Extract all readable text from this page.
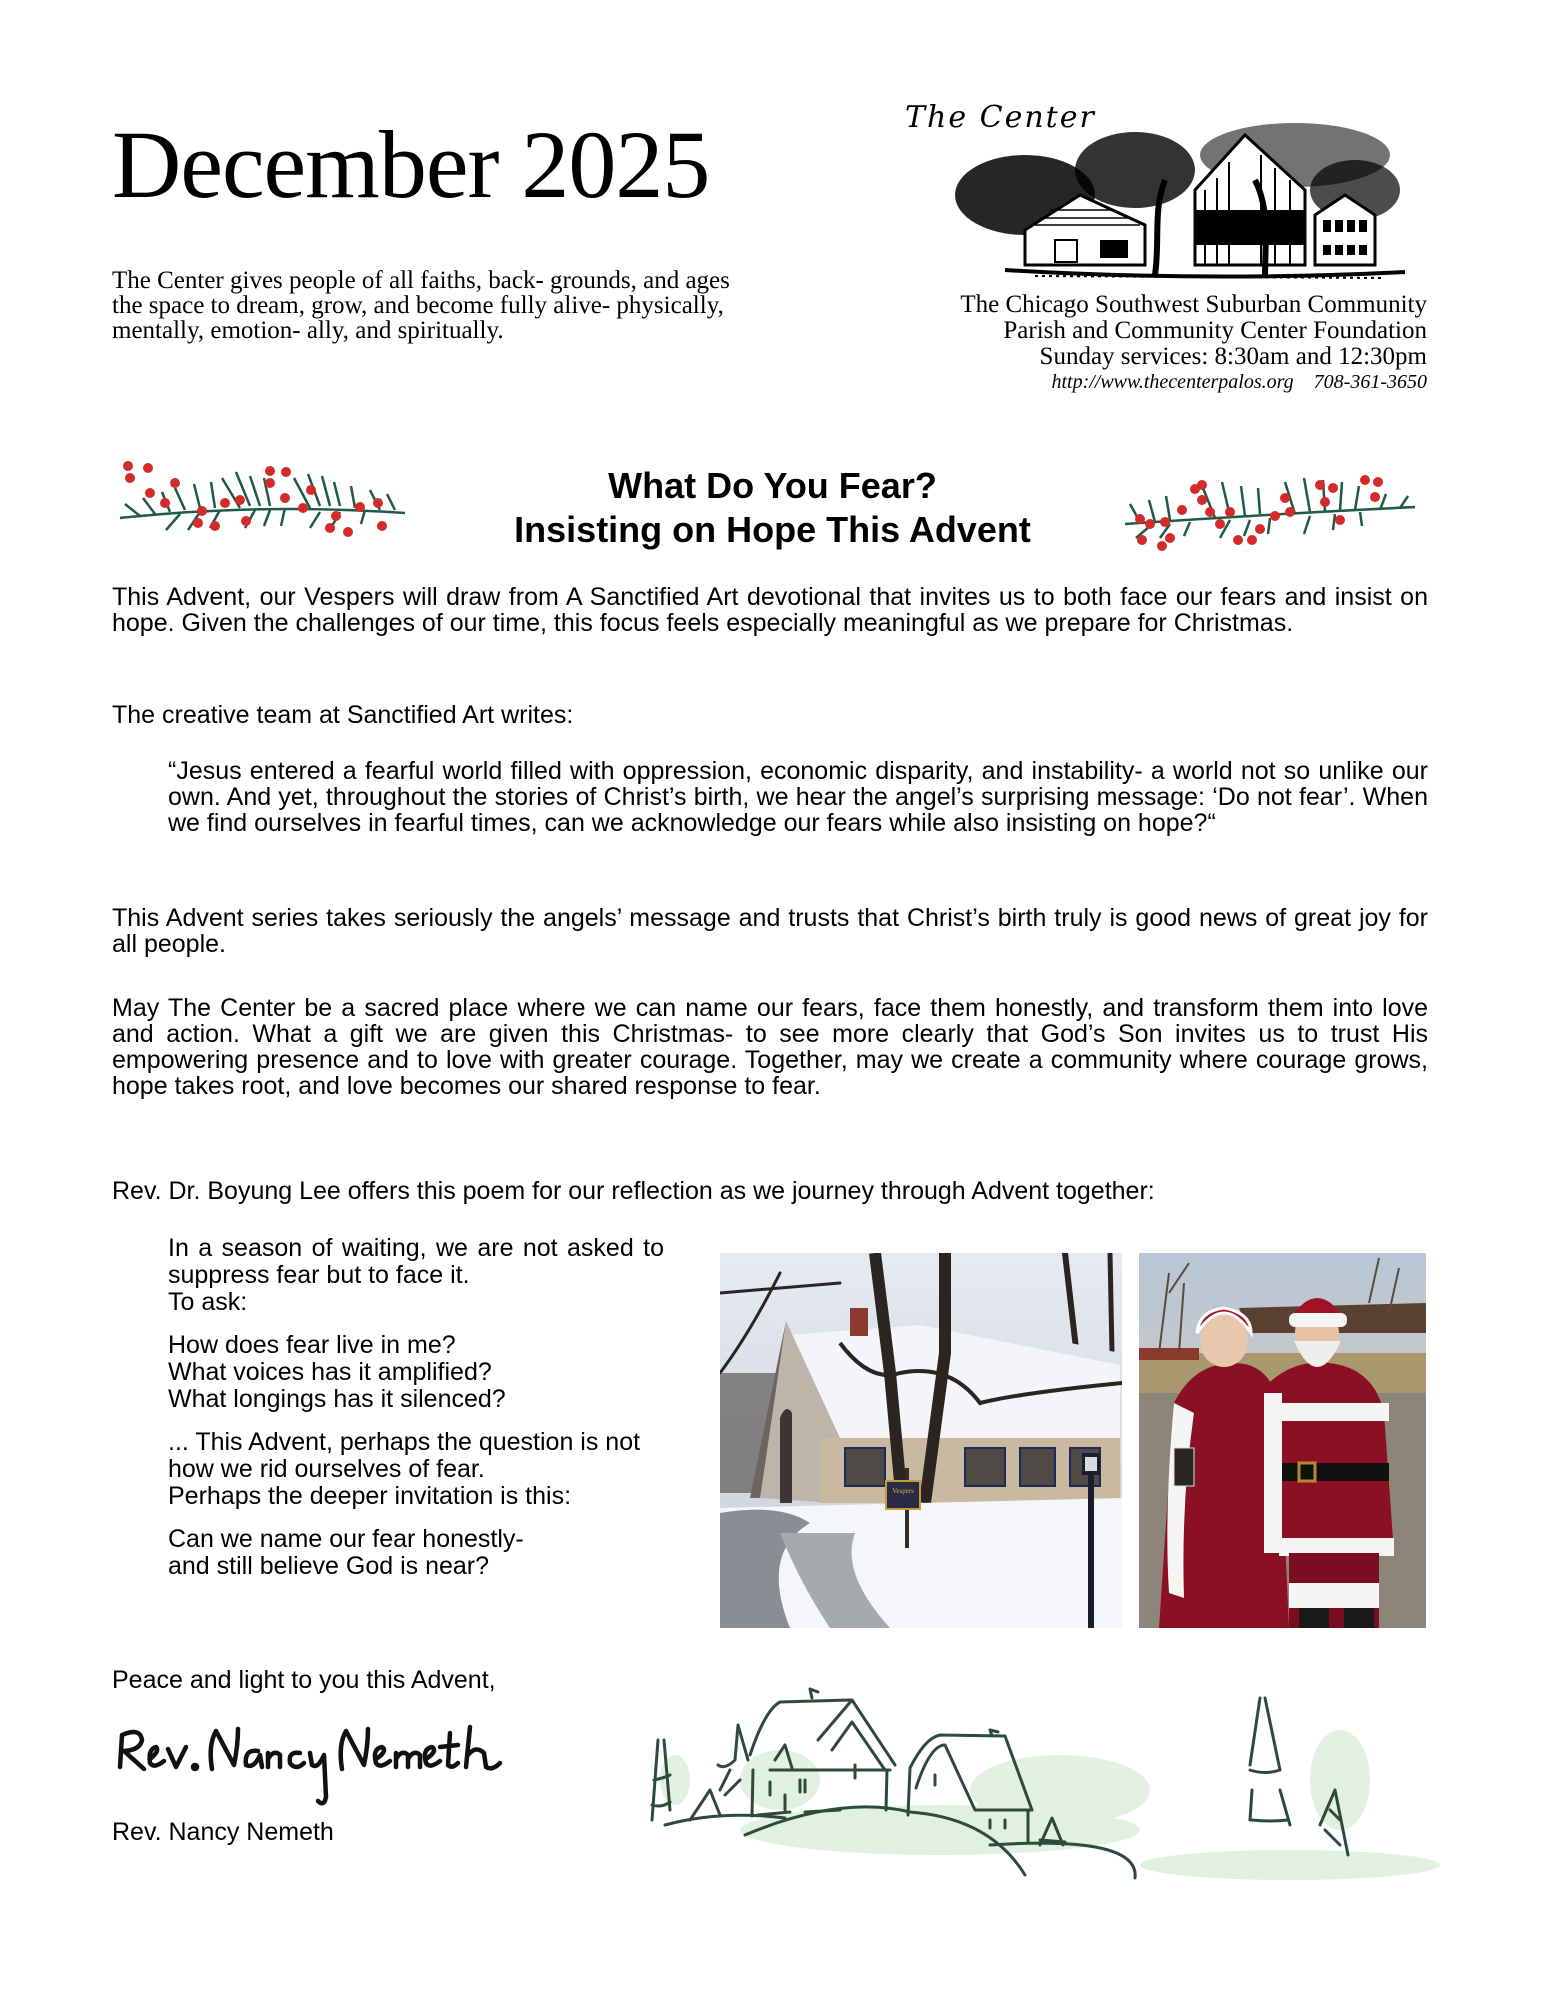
December 2025
The Center gives people of all faiths, back- grounds, and ages the space to dream, grow, and become fully alive- physically, mentally, emotion- ally, and spiritually.
The Center
The Chicago Southwest Suburban Community
Parish and Community Center Foundation
Sunday services: 8:30am and 12:30pm
http://www.thecenterpalos.org 708-361-3650
What Do You Fear?
Insisting on Hope This Advent
This Advent, our Vespers will draw from A Sanctified Art devotional that invites us to both face our fears and insist on hope. Given the challenges of our time, this focus feels especially meaningful as we prepare for Christmas.
The creative team at Sanctified Art writes:
“Jesus entered a fearful world filled with oppression, economic disparity, and instability- a world not so unlike our own. And yet, throughout the stories of Christ’s birth, we hear the angel’s surprising message: ‘Do not fear’. When we find ourselves in fearful times, can we acknowledge our fears while also insisting on hope?“
This Advent series takes seriously the angels’ message and trusts that Christ’s birth truly is good news of great joy for all people.
May The Center be a sacred place where we can name our fears, face them honestly, and transform them into love and action. What a gift we are given this Christmas- to see more clearly that God’s Son invites us to trust His empowering presence and to love with greater courage. Together, may we create a community where courage grows, hope takes root, and love becomes our shared response to fear.
Rev. Dr. Boyung Lee offers this poem for our reflection as we journey through Advent together:
In a season of waiting, we are not asked to suppress fear but to face it.
To ask:
How does fear live in me?
What voices has it amplified?
What longings has it silenced?
... This Advent, perhaps the question is not how we rid ourselves of fear.
Perhaps the deeper invitation is this:
Can we name our fear honestly-
and still believe God is near?
Vespers
Peace and light to you this Advent,
Rev. Nancy Nemeth
